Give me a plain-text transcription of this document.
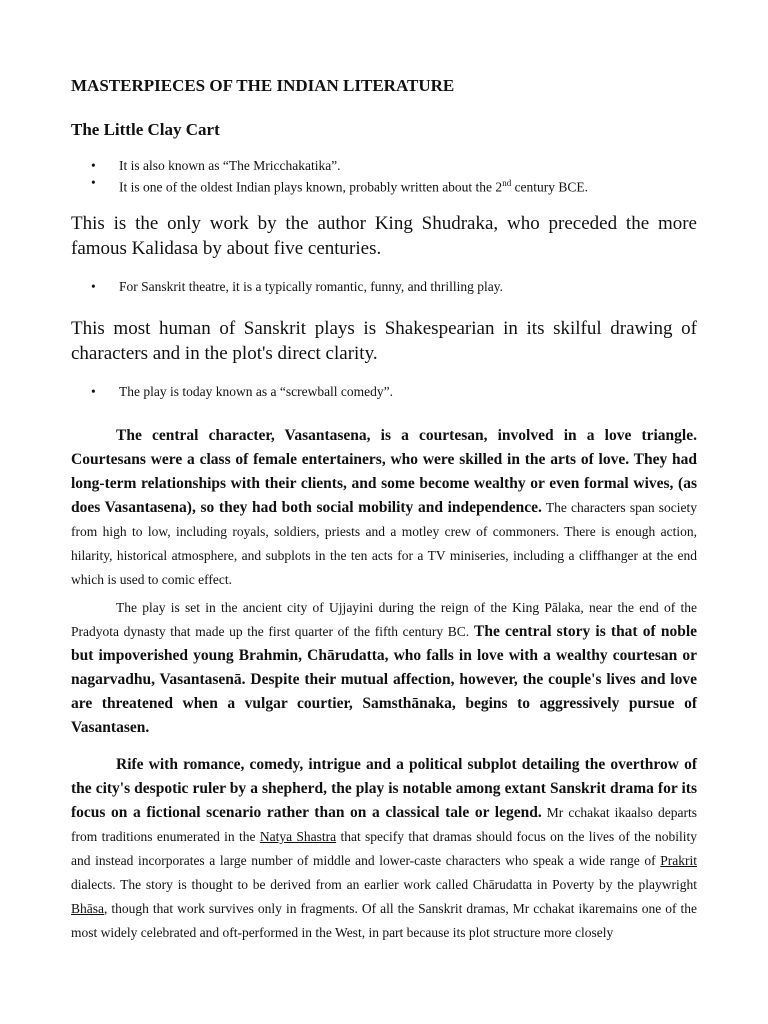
MASTERPIECES OF THE INDIAN LITERATURE

The Little Clay Cart

• It is also known as “The Mricchakatika”.
• It is one of the oldest Indian plays known, probably written about the 2nd century BCE.

This is the only work by the author King Shudraka, who preceded the more famous Kalidasa by about five centuries.

• For Sanskrit theatre, it is a typically romantic, funny, and thrilling play.

This most human of Sanskrit plays is Shakespearian in its skilful drawing of characters and in the plot's direct clarity.

• The play is today known as a “screwball comedy”.

The central character, Vasantasena, is a courtesan, involved in a love triangle. Courtesans were a class of female entertainers, who were skilled in the arts of love. They had long-term relationships with their clients, and some become wealthy or even formal wives, (as does Vasantasena), so they had both social mobility and independence. The characters span society from high to low, including royals, soldiers, priests and a motley crew of commoners. There is enough action, hilarity, historical atmosphere, and subplots in the ten acts for a TV miniseries, including a cliffhanger at the end which is used to comic effect.

The play is set in the ancient city of Ujjayini during the reign of the King Pālaka, near the end of the Pradyota dynasty that made up the first quarter of the fifth century BC. The central story is that of noble but impoverished young Brahmin, Chārudatta, who falls in love with a wealthy courtesan or nagarvadhu, Vasantasenā. Despite their mutual affection, however, the couple's lives and love are threatened when a vulgar courtier, Samsthānaka, begins to aggressively pursue of Vasantasen.

Rife with romance, comedy, intrigue and a political subplot detailing the overthrow of the city's despotic ruler by a shepherd, the play is notable among extant Sanskrit drama for its focus on a fictional scenario rather than on a classical tale or legend. Mr cchakat ikaalso departs from traditions enumerated in the Natya Shastra that specify that dramas should focus on the lives of the nobility and instead incorporates a large number of middle and lower-caste characters who speak a wide range of Prakrit dialects. The story is thought to be derived from an earlier work called Chārudatta in Poverty by the playwright Bhāsa, though that work survives only in fragments. Of all the Sanskrit dramas, Mr cchakat ikaremains one of the most widely celebrated and oft-performed in the West, in part because its plot structure more closely
